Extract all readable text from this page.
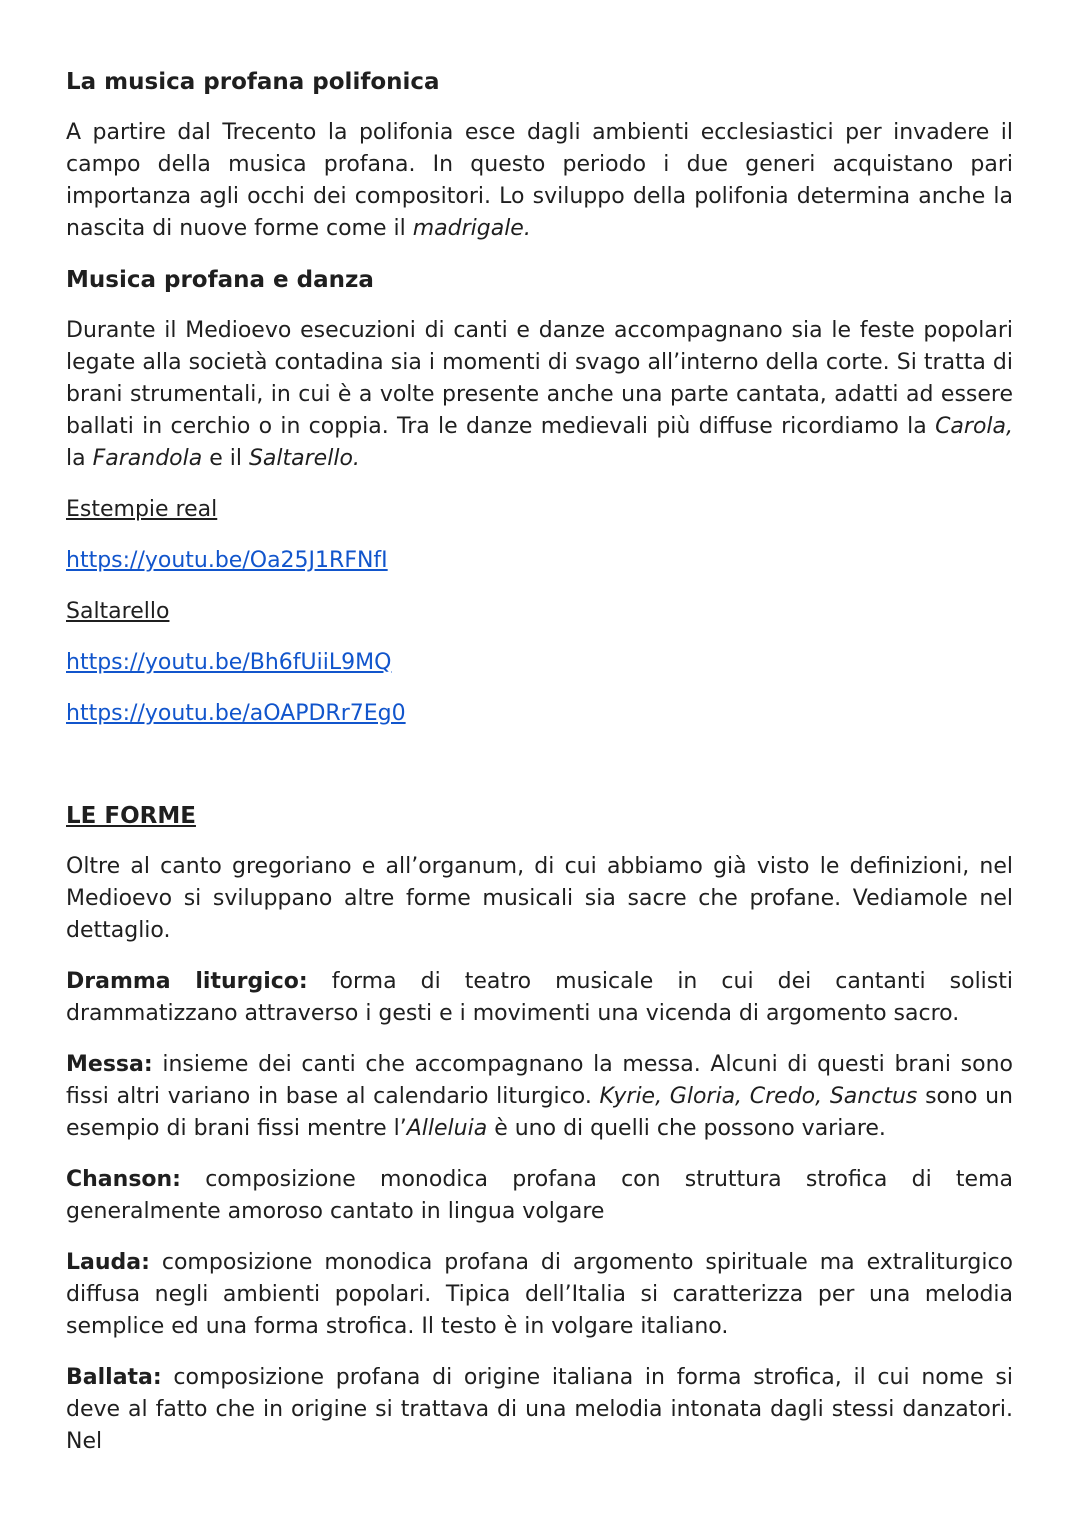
La musica profana polifonica

A partire dal Trecento la polifonia esce dagli ambienti ecclesiastici per invadere il campo della musica profana. In questo periodo i due generi acquistano pari importanza agli occhi dei compositori. Lo sviluppo della polifonia determina anche la nascita di nuove forme come il madrigale.

Musica profana e danza

Durante il Medioevo esecuzioni di canti e danze accompagnano sia le feste popolari legate alla società contadina sia i momenti di svago all’interno della corte. Si tratta di brani strumentali, in cui è a volte presente anche una parte cantata, adatti ad essere ballati in cerchio o in coppia. Tra le danze medievali più diffuse ricordiamo la Carola, la Farandola e il Saltarello.

Estempie real

https://youtu.be/Oa25J1RFNfI

Saltarello

https://youtu.be/Bh6fUiiL9MQ

https://youtu.be/aOAPDRr7Eg0

LE FORME

Oltre al canto gregoriano e all’organum, di cui abbiamo già visto le definizioni, nel Medioevo si sviluppano altre forme musicali sia sacre che profane. Vediamole nel dettaglio.

Dramma liturgico: forma di teatro musicale in cui dei cantanti solisti drammatizzano attraverso i gesti e i movimenti una vicenda di argomento sacro.

Messa: insieme dei canti che accompagnano la messa. Alcuni di questi brani sono fissi altri variano in base al calendario liturgico. Kyrie, Gloria, Credo, Sanctus sono un esempio di brani fissi mentre l’Alleluia è uno di quelli che possono variare.

Chanson: composizione monodica profana con struttura strofica di tema generalmente amoroso cantato in lingua volgare

Lauda: composizione monodica profana di argomento spirituale ma extraliturgico diffusa negli ambienti popolari. Tipica dell’Italia si caratterizza per una melodia semplice ed una forma strofica. Il testo è in volgare italiano.

Ballata: composizione profana di origine italiana in forma strofica, il cui nome si deve al fatto che in origine si trattava di una melodia intonata dagli stessi danzatori. Nel
